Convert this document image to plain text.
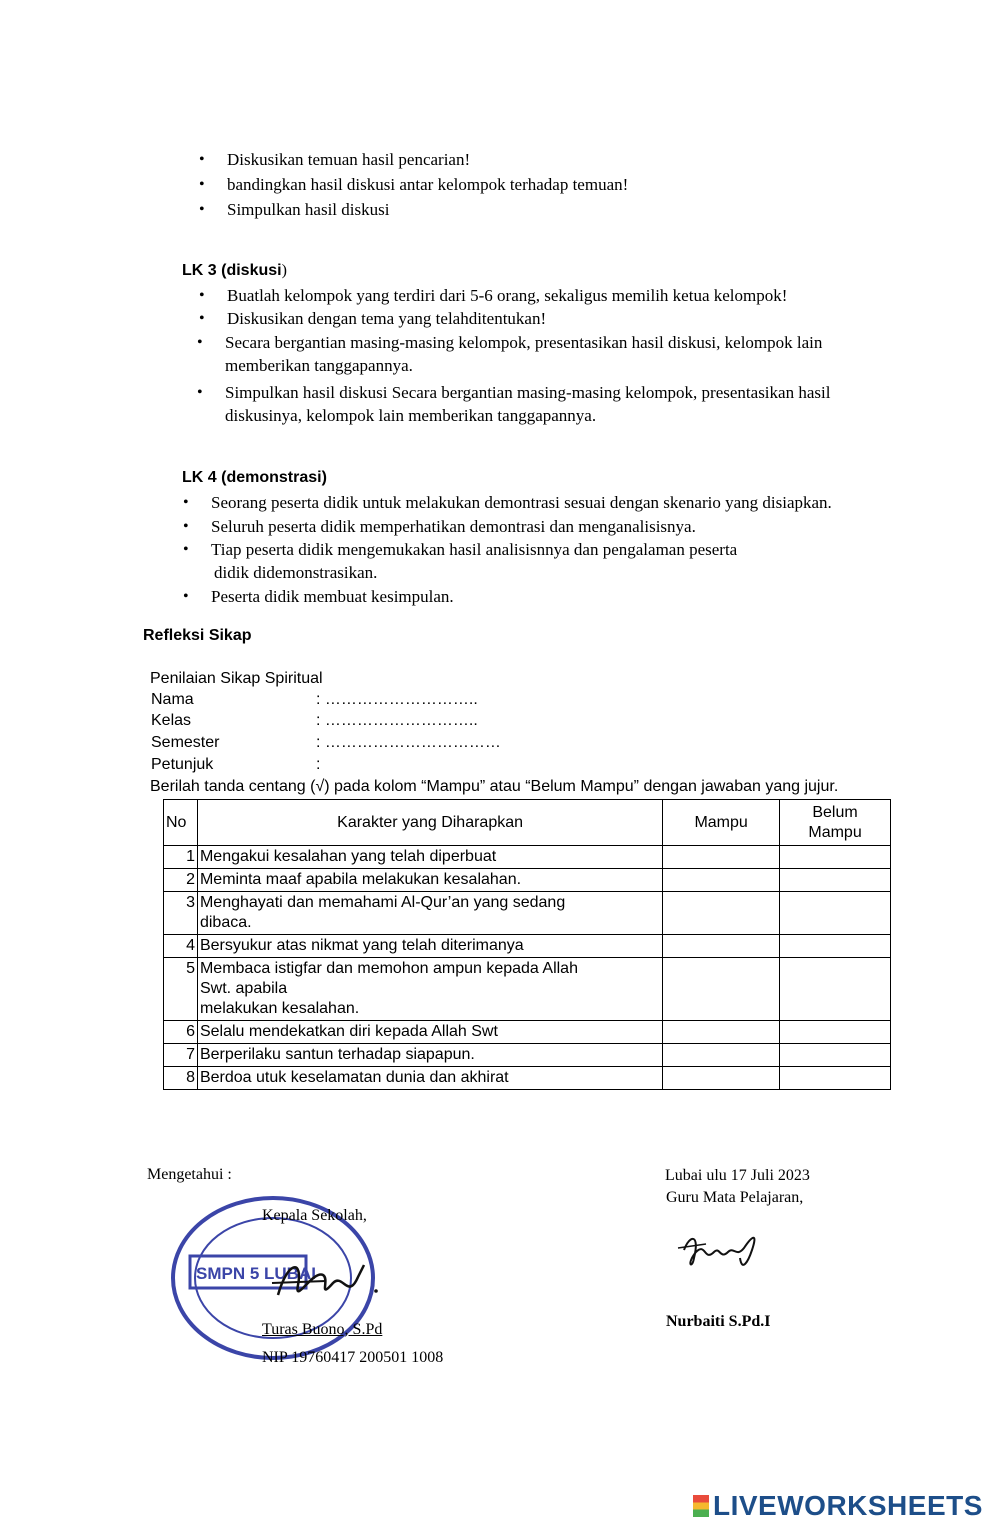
• Diskusikan temuan hasil pencarian!
• bandingkan hasil diskusi antar kelompok terhadap temuan!
• Simpulkan hasil diskusi
LK 3 (diskusi)
• Buatlah kelompok yang terdiri dari 5-6 orang, sekaligus memilih ketua kelompok!
• Diskusikan dengan tema yang telahditentukan!
• Secara bergantian masing-masing kelompok, presentasikan hasil diskusi, kelompok lain
memberikan tanggapannya.
• Simpulkan hasil diskusi Secara bergantian masing-masing kelompok, presentasikan hasil
diskusinya, kelompok lain memberikan tanggapannya.
LK 4 (demonstrasi)
• Seorang peserta didik untuk melakukan demontrasi sesuai dengan skenario yang disiapkan.
• Seluruh peserta didik memperhatikan demontrasi dan menganalisisnya.
• Tiap peserta didik mengemukakan hasil analisisnnya dan pengalaman peserta
didik didemonstrasikan.
• Peserta didik membuat kesimpulan.
Refleksi Sikap
Penilaian Sikap Spiritual
Nama	: ………………………..
Kelas	: ………………………..
Semester	: ……………………………
Petunjuk	:
Berilah tanda centang (√) pada kolom “Mampu” atau “Belum Mampu” dengan jawaban yang jujur.
No	Karakter yang Diharapkan	Mampu	Belum
Mampu
1	Mengakui kesalahan yang telah diperbuat		
2	Meminta maaf apabila melakukan kesalahan.		
3	Menghayati dan memahami Al-Qur’an yang sedang
dibaca.		
4	Bersyukur atas nikmat yang telah diterimanya		
5	Membaca istigfar dan memohon ampun kepada Allah
Swt. apabila
melakukan kesalahan.		
6	Selalu mendekatkan diri kepada Allah Swt		
7	Berperilaku santun terhadap siapapun.		
8	Berdoa utuk keselamatan dunia dan akhirat		
Mengetahui :
SMPN 5 LUBAI
Kepala Sekolah,
Turas Buono, S.Pd
NIP 19760417 200501 1008
Lubai ulu 17 Juli 2023
Guru Mata Pelajaran,
Nurbaiti S.Pd.I
LIVEWORKSHEETS
